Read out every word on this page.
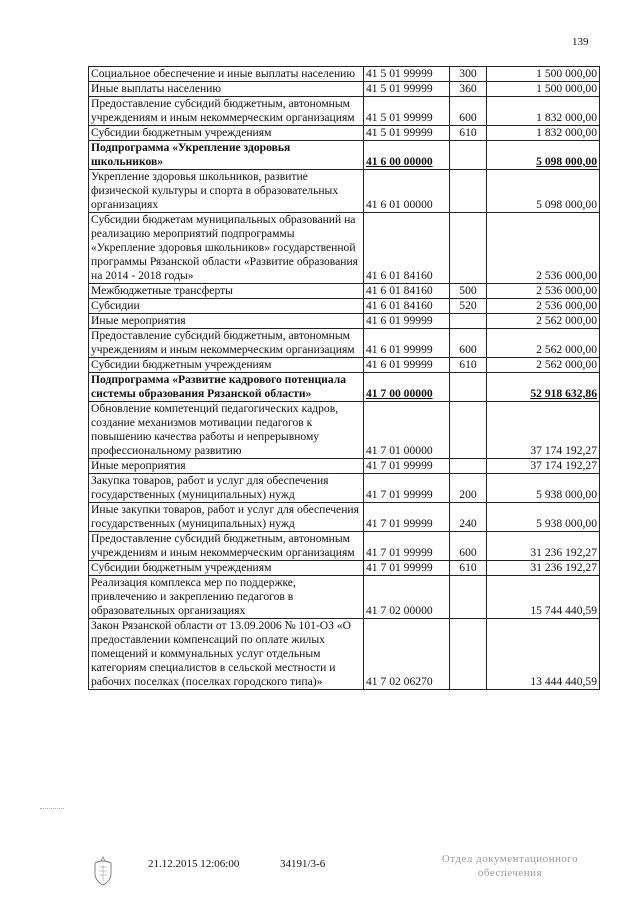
139
Социальное обеспечение и иные выплаты населению	41 5 01 99999	300	1 500 000,00
Иные выплаты населению	41 5 01 99999	360	1 500 000,00
Предоставление субсидий бюджетным, автономным учреждениям и иным некоммерческим организациям	41 5 01 99999	600	1 832 000,00
Субсидии бюджетным учреждениям	41 5 01 99999	610	1 832 000,00
Подпрограмма «Укрепление здоровья школьников»	41 6 00 00000		5 098 000,00
Укрепление здоровья школьников, развитие физической культуры и спорта в образовательных организациях	41 6 01 00000		5 098 000,00
Субсидии бюджетам муниципальных образований на реализацию мероприятий подпрограммы «Укрепление здоровья школьников» государственной программы Рязанской области «Развитие образования на 2014 - 2018 годы»	41 6 01 84160		2 536 000,00
Межбюджетные трансферты	41 6 01 84160	500	2 536 000,00
Субсидии	41 6 01 84160	520	2 536 000,00
Иные мероприятия	41 6 01 99999		2 562 000,00
Предоставление субсидий бюджетным, автономным учреждениям и иным некоммерческим организациям	41 6 01 99999	600	2 562 000,00
Субсидии бюджетным учреждениям	41 6 01 99999	610	2 562 000,00
Подпрограмма «Развитие кадрового потенциала системы образования Рязанской области»	41 7 00 00000		52 918 632,86
Обновление компетенций педагогических кадров, создание механизмов мотивации педагогов к повышению качества работы и непрерывному профессиональному развитию	41 7 01 00000		37 174 192,27
Иные мероприятия	41 7 01 99999		37 174 192,27
Закупка товаров, работ и услуг для обеспечения государственных (муниципальных) нужд	41 7 01 99999	200	5 938 000,00
Иные закупки товаров, работ и услуг для обеспечения государственных (муниципальных) нужд	41 7 01 99999	240	5 938 000,00
Предоставление субсидий бюджетным, автономным учреждениям и иным некоммерческим организациям	41 7 01 99999	600	31 236 192,27
Субсидии бюджетным учреждениям	41 7 01 99999	610	31 236 192,27
Реализация комплекса мер по поддержке, привлечению и закреплению педагогов в образовательных организациях	41 7 02 00000		15 744 440,59
Закон Рязанской области от 13.09.2006 № 101-ОЗ «О предоставлении компенсаций по оплате жилых помещений и коммунальных услуг отдельным категориям специалистов в сельской местности и рабочих поселках (поселках городского типа)»	41 7 02 06270		13 444 440,59
21.12.2015 12:06:00	34191/3-6	Отдел документационного
обеспечения
